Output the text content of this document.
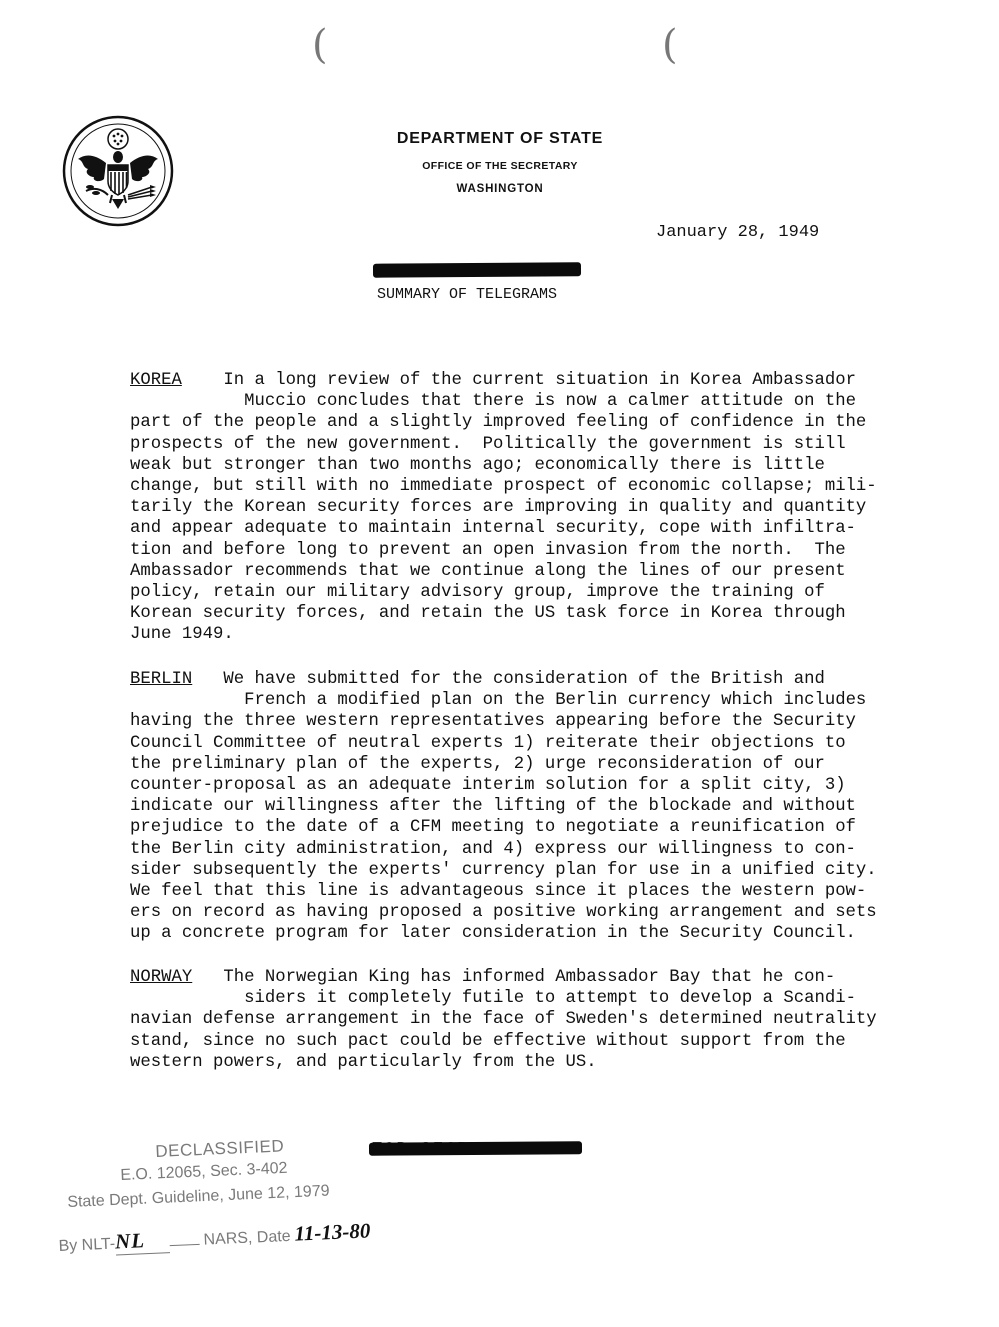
(	(
DEPARTMENT OF STATE
OFFICE OF THE SECRETARY
WASHINGTON
January 28, 1949
SUMMARY OF TELEGRAMS
KOREA In a long review of the current situation in Korea Ambassador
Muccio concludes that there is now a calmer attitude on the
part of the people and a slightly improved feeling of confidence in the
prospects of the new government.  Politically the government is still
weak but stronger than two months ago; economically there is little
change, but still with no immediate prospect of economic collapse; mili-
tarily the Korean security forces are improving in quality and quantity
and appear adequate to maintain internal security, cope with infiltra-
tion and before long to prevent an open invasion from the north.  The
Ambassador recommends that we continue along the lines of our present
policy, retain our military advisory group, improve the training of
Korean security forces, and retain the US task force in Korea through
June 1949.
BERLIN We have submitted for the consideration of the British and
French a modified plan on the Berlin currency which includes
having the three western representatives appearing before the Security
Council Committee of neutral experts 1) reiterate their objections to
the preliminary plan of the experts, 2) urge reconsideration of our
counter-proposal as an adequate interim solution for a split city, 3)
indicate our willingness after the lifting of the blockade and without
prejudice to the date of a CFM meeting to negotiate a reunification of
the Berlin city administration, and 4) express our willingness to con-
sider subsequently the experts' currency plan for use in a unified city.
We feel that this line is advantageous since it places the western pow-
ers on record as having proposed a positive working arrangement and sets
up a concrete program for later consideration in the Security Council.
NORWAY The Norwegian King has informed Ambassador Bay that he con-
siders it completely futile to attempt to develop a Scandi-
navian defense arrangement in the face of Sweden's determined neutrality
stand, since no such pact could be effective without support from the
western powers, and particularly from the US.
DECLASSIFIED
E.O. 12065, Sec. 3-402
State Dept. Guideline, June 12, 1979
By NLT-NL	NARS, Date 11-13-80
